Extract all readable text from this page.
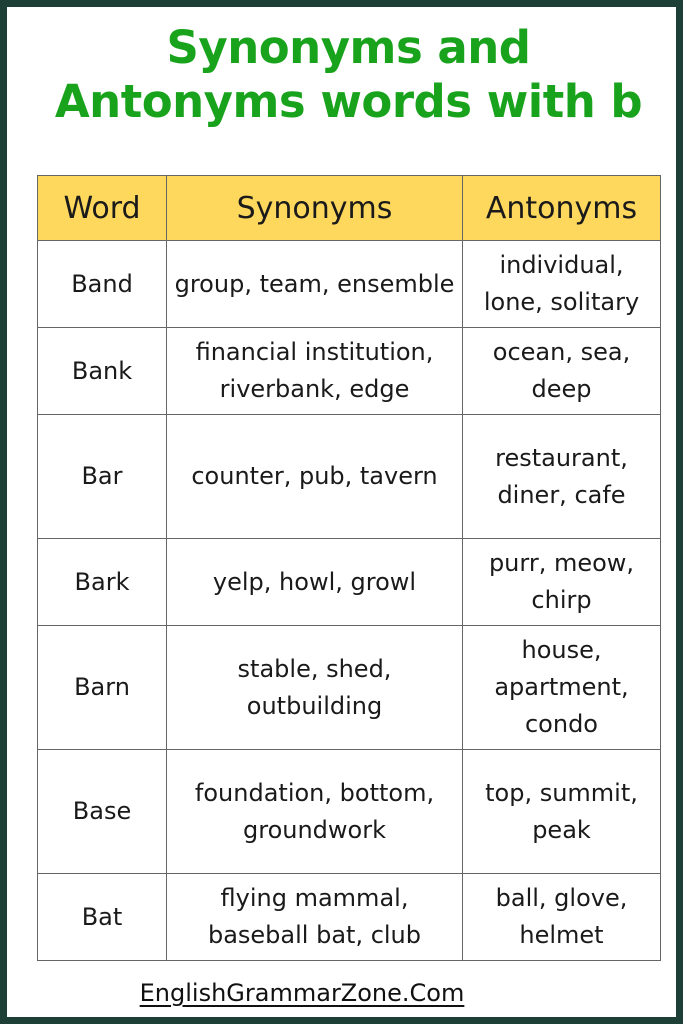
Synonyms and
Antonyms words with b
Word	Synonyms	Antonyms
Band	group, team, ensemble	individual, lone, solitary
Bank	financial institution, riverbank, edge	ocean, sea, deep
Bar	counter, pub, tavern	restaurant, diner, cafe
Bark	yelp, howl, growl	purr, meow, chirp
Barn	stable, shed, outbuilding	house, apartment, condo
Base	foundation, bottom, groundwork	top, summit, peak
Bat	flying mammal, baseball bat, club	ball, glove, helmet
EnglishGrammarZone.Com
